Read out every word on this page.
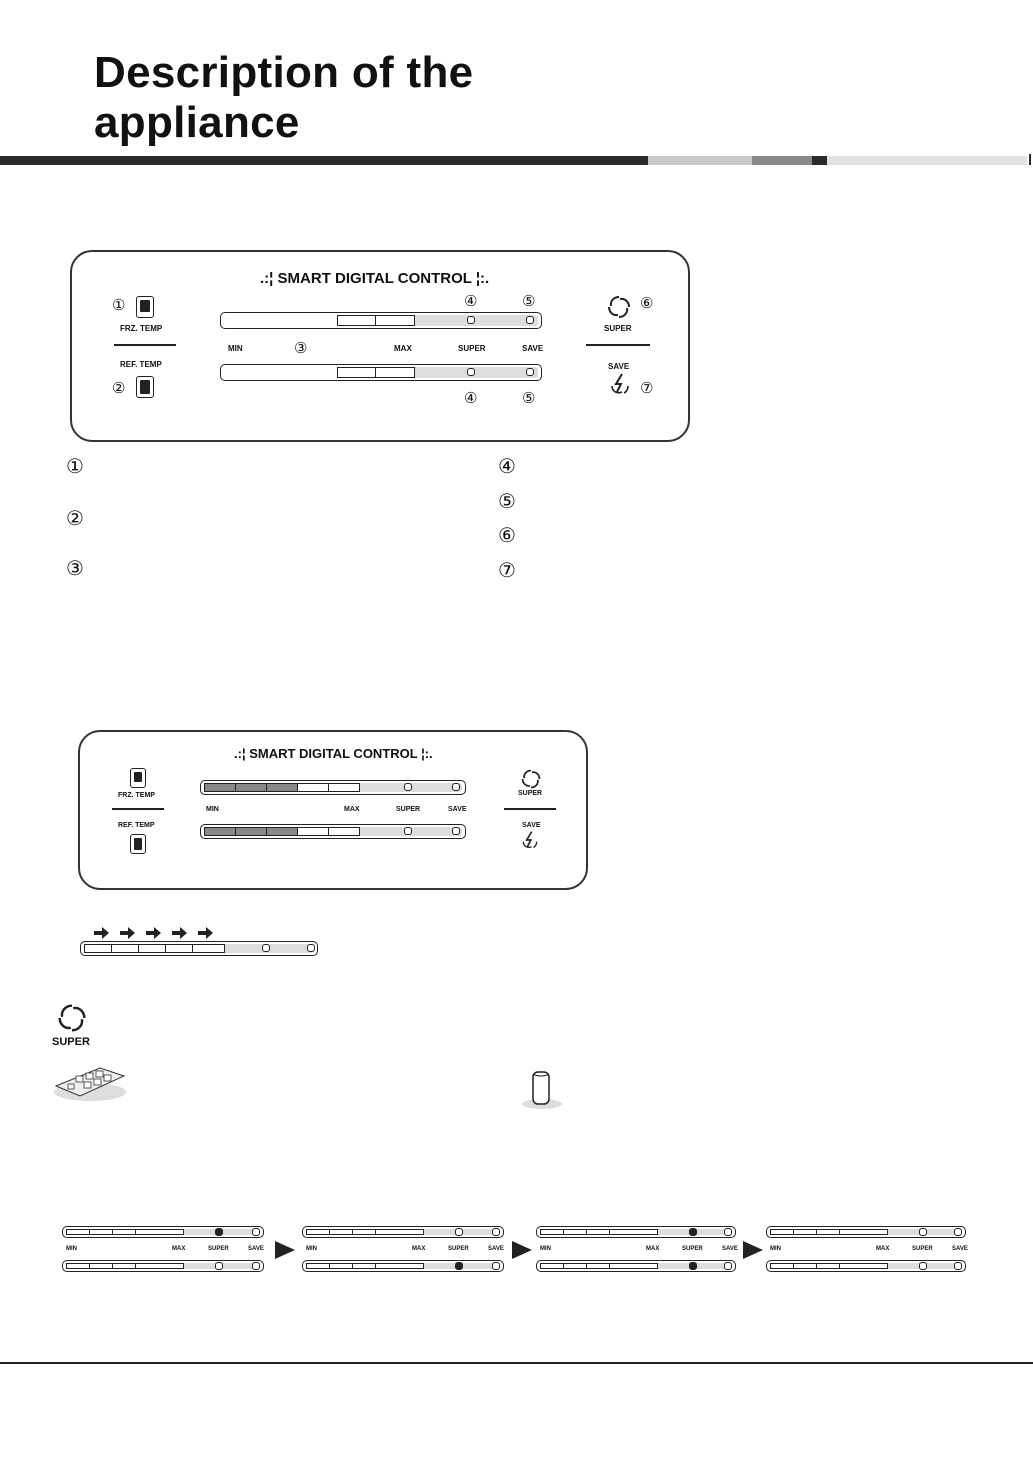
Description of the
appliance
.:¦ SMART DIGITAL CONTROL ¦:.
①
FRZ. TEMP
REF. TEMP
②
④	⑤
MIN	③	MAX	SUPER	SAVE
④	⑤
⑥
SUPER
SAVE
⑦
①
②
③
④
⑤
⑥
⑦
.:¦ SMART DIGITAL CONTROL ¦:.
FRZ. TEMP
REF. TEMP
MIN	MAX	SUPER	SAVE
SUPER
SAVE
SUPER
MIN	MAX	SUPER	SAVE	MIN	MAX	SUPER	SAVE	MIN	MAX	SUPER	SAVE	MIN	MAX	SUPER	SAVE
